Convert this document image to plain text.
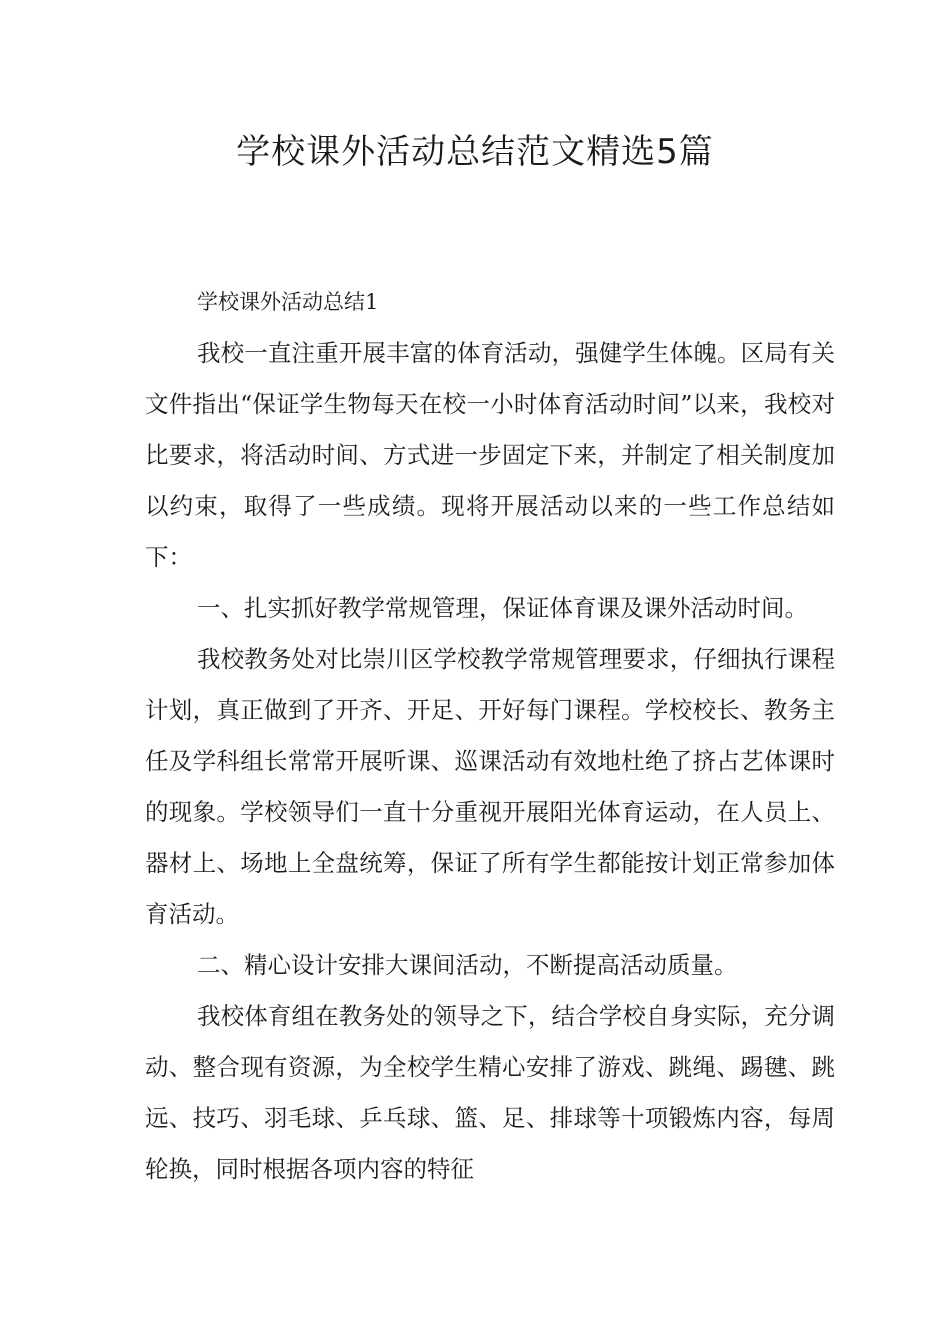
学校课外活动总结范文精选5篇

学校课外活动总结1

我校一直注重开展丰富的体育活动，强健学生体魄。区局有关文件指出“保证学生物每天在校一小时体育活动时间”以来，我校对比要求，将活动时间、方式进一步固定下来，并制定了相关制度加以约束，取得了一些成绩。现将开展活动以来的一些工作总结如下：

一、扎实抓好教学常规管理，保证体育课及课外活动时间。

我校教务处对比崇川区学校教学常规管理要求，仔细执行课程计划，真正做到了开齐、开足、开好每门课程。学校校长、教务主任及学科组长常常开展听课、巡课活动有效地杜绝了挤占艺体课时的现象。学校领导们一直十分重视开展阳光体育运动，在人员上、器材上、场地上全盘统筹，保证了所有学生都能按计划正常参加体育活动。

二、精心设计安排大课间活动，不断提高活动质量。

我校体育组在教务处的领导之下，结合学校自身实际，充分调动、整合现有资源，为全校学生精心安排了游戏、跳绳、踢毽、跳远、技巧、羽毛球、乒乓球、篮、足、排球等十项锻炼内容，每周轮换，同时根据各项内容的特征
